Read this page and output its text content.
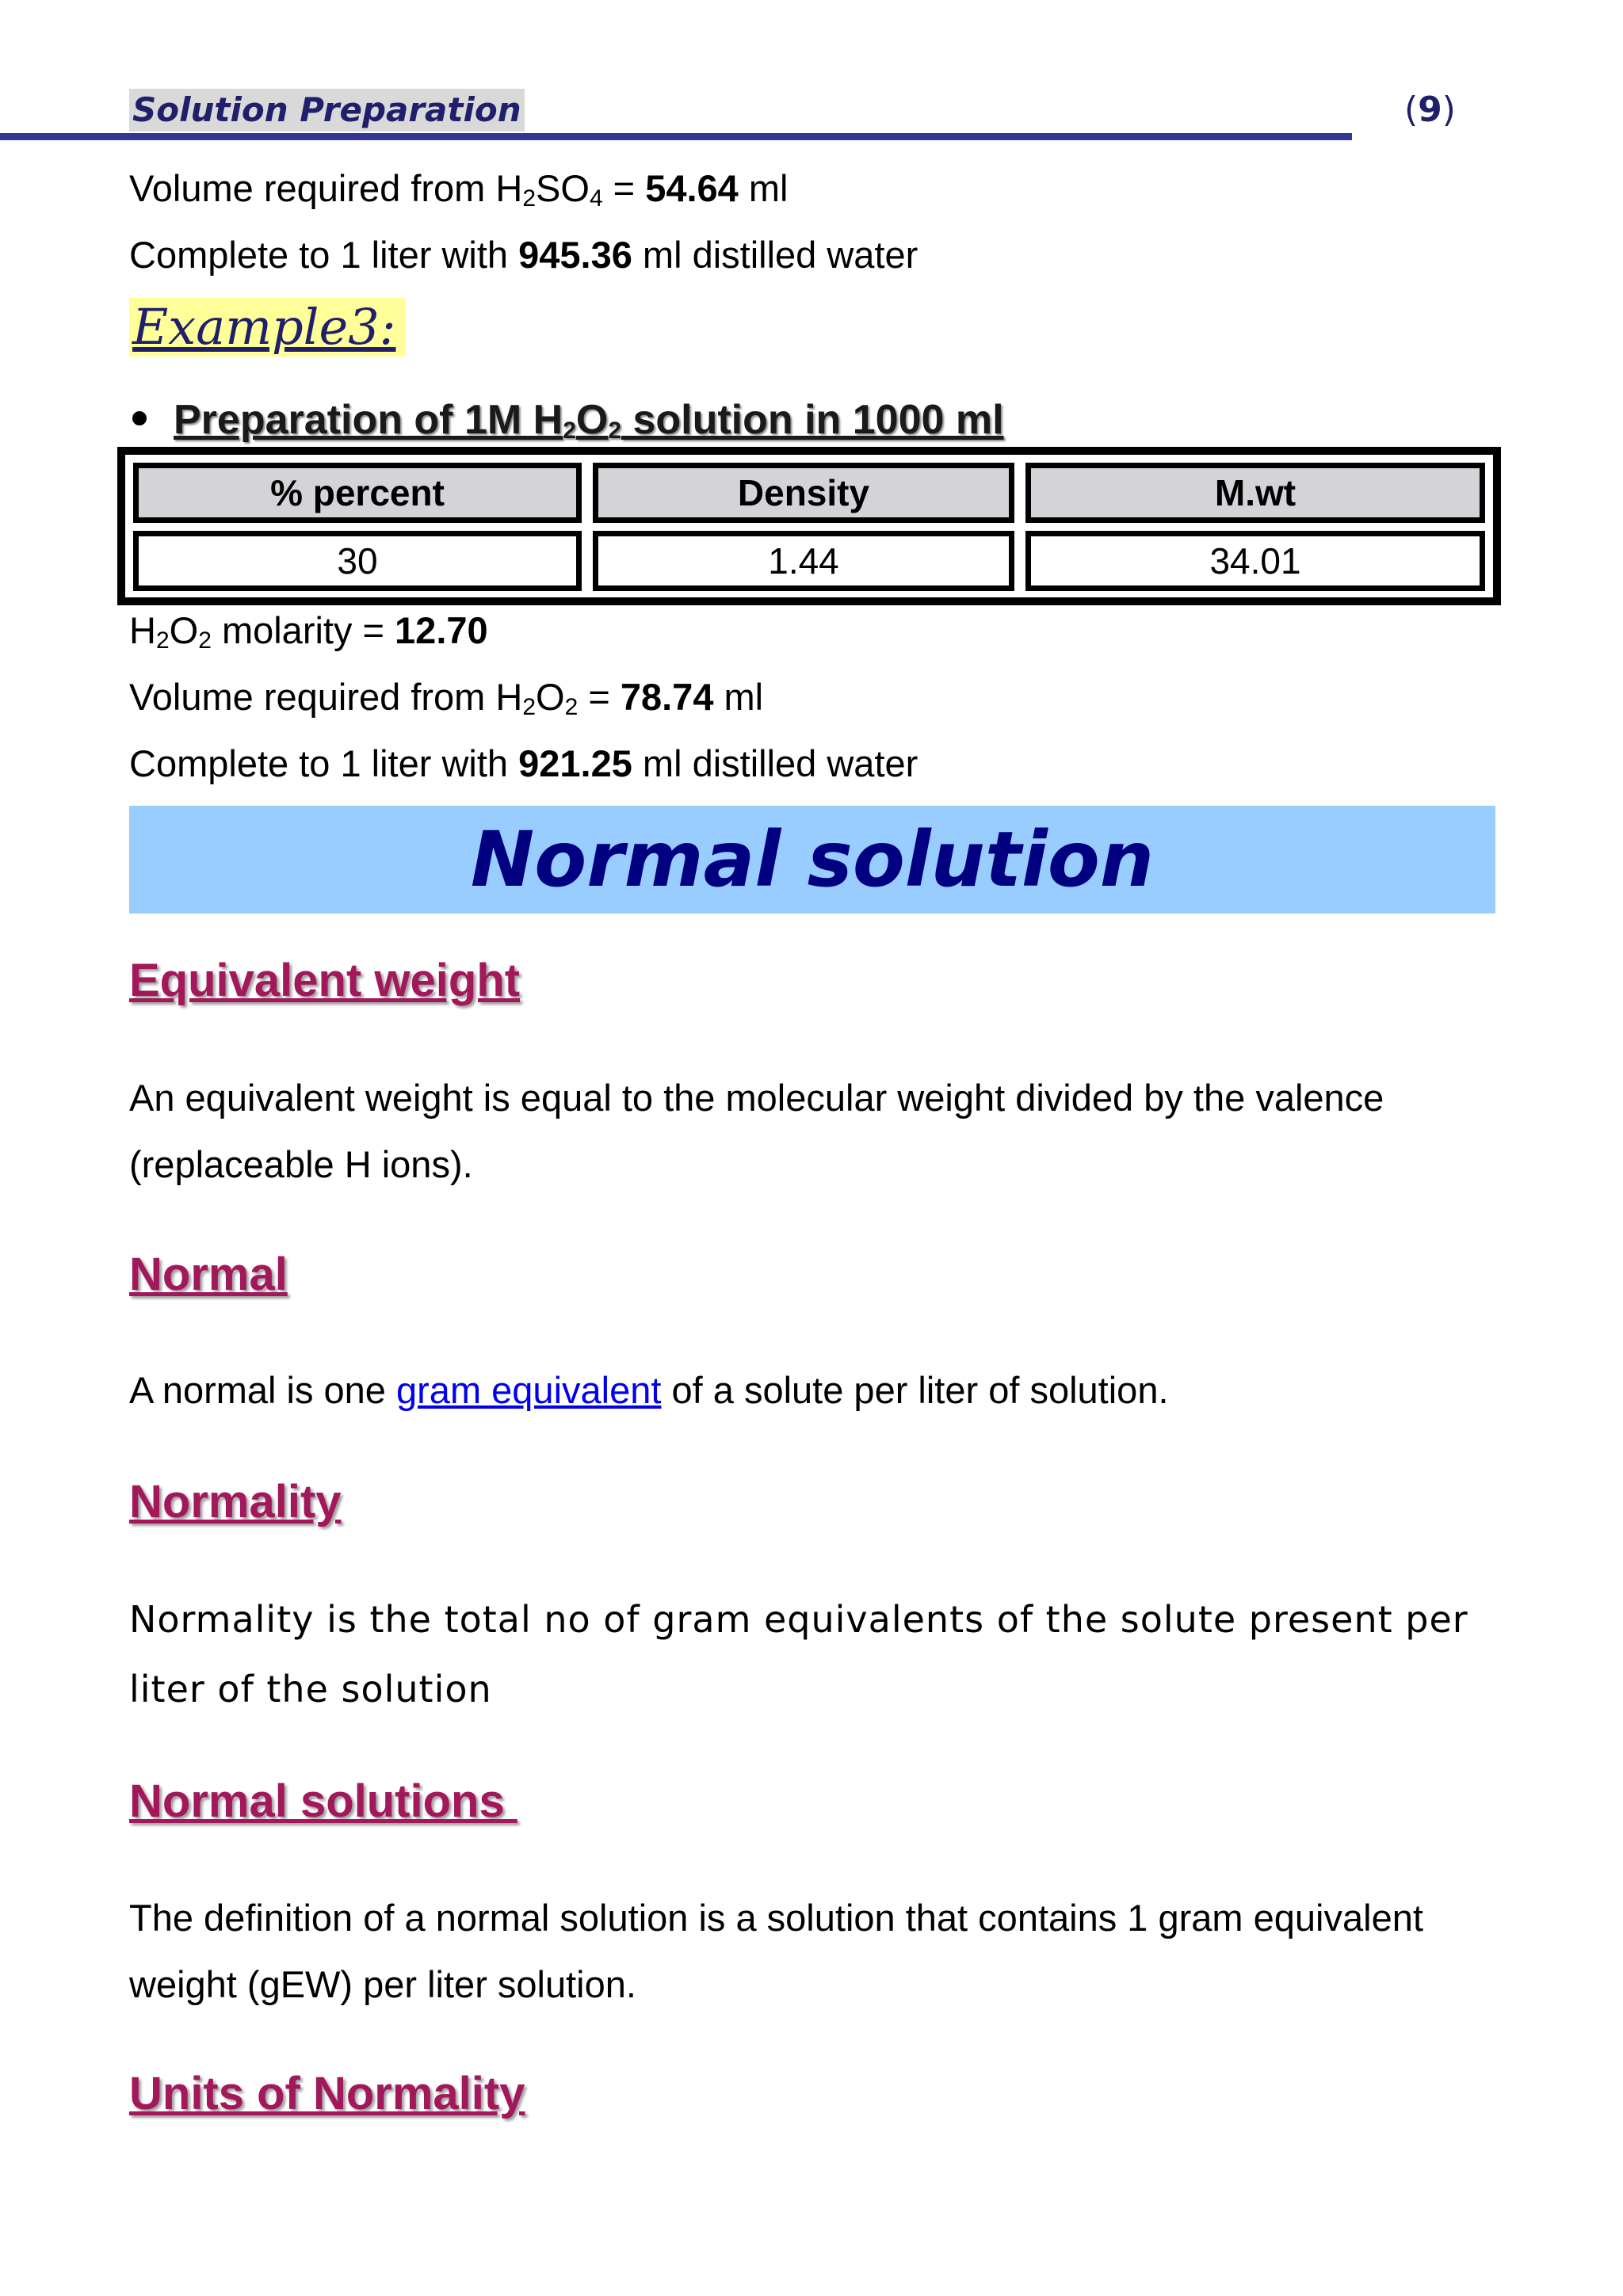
Solution Preparation	(9)
Volume required from $H_2SO_4 = 54.64$ ml
Complete to 1 liter with 945.36 ml distilled water
Example3:
Preparation of 1M $H_2O_2$ solution in 1000 ml
% percent	Density	M.wt
30	1.44	34.01
$H_2O_2$ molarity = 12.70
Volume required from $H_2O_2 = 78.74$ ml
Complete to 1 liter with 921.25 ml distilled water
Normal solution
Equivalent weight
An equivalent weight is equal to the molecular weight divided by the valence
(replaceable H ions).
Normal
A normal is one gram equivalent of a solute per liter of solution.
Normality
Normality is the total no of gram equivalents of the solute present per
liter of the solution
Normal solutions
The definition of a normal solution is a solution that contains 1 gram equivalent
weight (gEW) per liter solution.
Units of Normality
